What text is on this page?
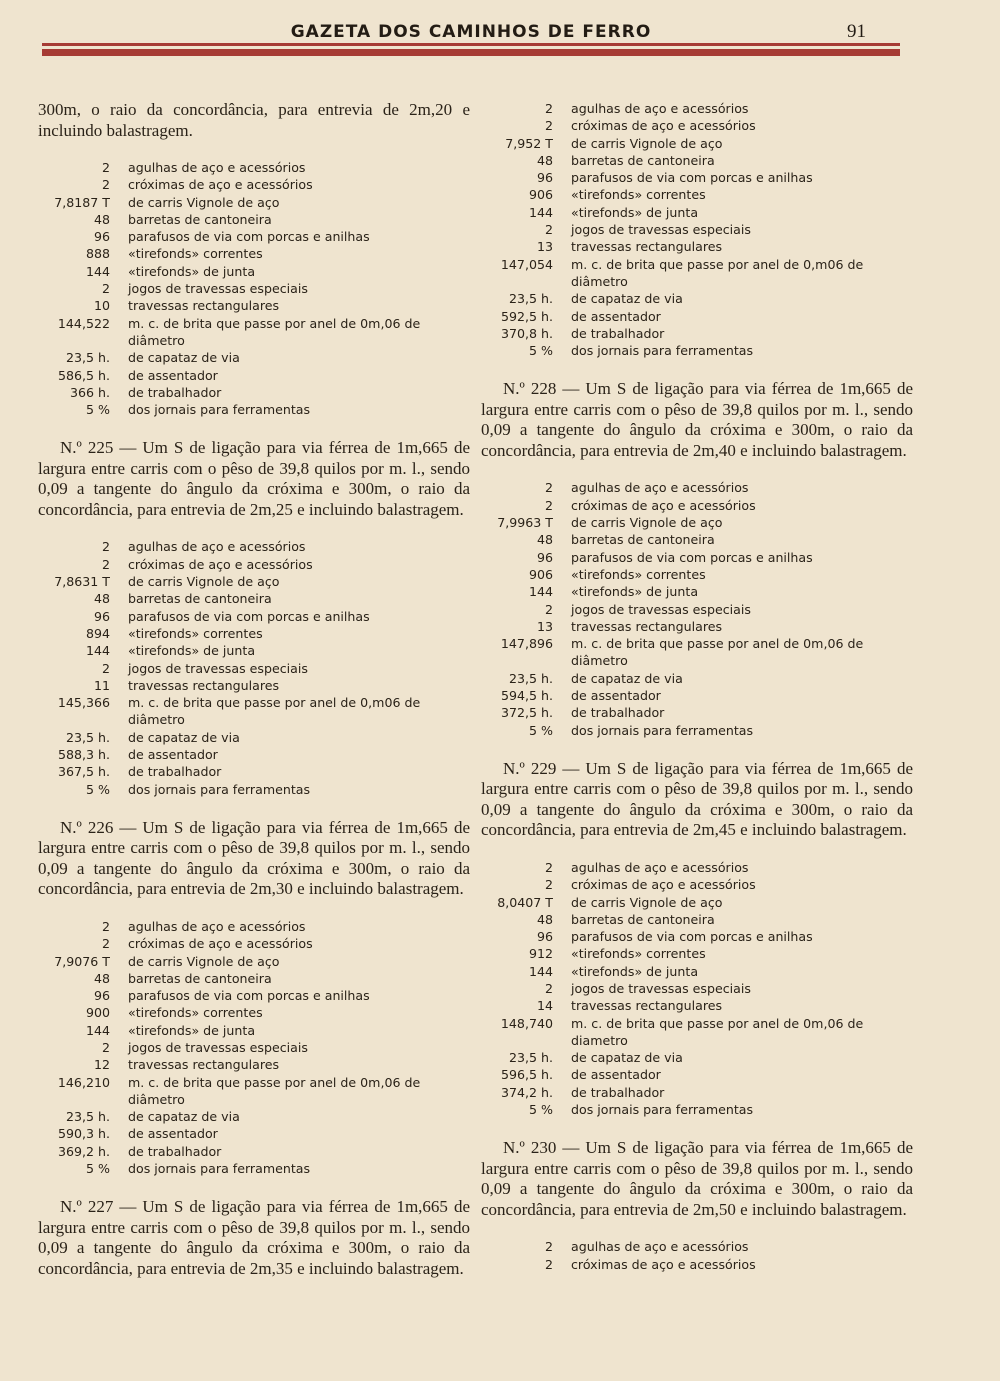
GAZETA DOS CAMINHOS DE FERRO	91

300m, o raio da concordância, para entrevia de 2m,20 e incluindo balastragem.

2	agulhas de aço e acessórios
2	cróximas de aço e acessórios
7,8187 T	de carris Vignole de aço
48	barretas de cantoneira
96	parafusos de via com porcas e anilhas
888	«tirefonds» correntes
144	«tirefonds» de junta
2	jogos de travessas especiais
10	travessas rectangulares
144,522	m. c. de brita que passe por anel de 0m,06 de diâmetro
23,5 h.	de capataz de via
586,5 h.	de assentador
366 h.	de trabalhador
5 %	dos jornais para ferramentas

N.º 225 — Um S de ligação para via férrea de 1m,665 de largura entre carris com o pêso de 39,8 quilos por m. l., sendo 0,09 a tangente do ângulo da cróxima e 300m, o raio da concordância, para entrevia de 2m,25 e incluindo balastragem.

2	agulhas de aço e acessórios
2	cróximas de aço e acessórios
7,8631 T	de carris Vignole de aço
48	barretas de cantoneira
96	parafusos de via com porcas e anilhas
894	«tirefonds» correntes
144	«tirefonds» de junta
2	jogos de travessas especiais
11	travessas rectangulares
145,366	m. c. de brita que passe por anel de 0,m06 de diâmetro
23,5 h.	de capataz de via
588,3 h.	de assentador
367,5 h.	de trabalhador
5 %	dos jornais para ferramentas

N.º 226 — Um S de ligação para via férrea de 1m,665 de largura entre carris com o pêso de 39,8 quilos por m. l., sendo 0,09 a tangente do ângulo da cróxima e 300m, o raio da concordância, para entrevia de 2m,30 e incluindo balastragem.

2	agulhas de aço e acessórios
2	cróximas de aço e acessórios
7,9076 T	de carris Vignole de aço
48	barretas de cantoneira
96	parafusos de via com porcas e anilhas
900	«tirefonds» correntes
144	«tirefonds» de junta
2	jogos de travessas especiais
12	travessas rectangulares
146,210	m. c. de brita que passe por anel de 0m,06 de diâmetro
23,5 h.	de capataz de via
590,3 h.	de assentador
369,2 h.	de trabalhador
5 %	dos jornais para ferramentas

N.º 227 — Um S de ligação para via férrea de 1m,665 de largura entre carris com o pêso de 39,8 quilos por m. l., sendo 0,09 a tangente do ângulo da cróxima e 300m, o raio da concordância, para entrevia de 2m,35 e incluindo balastragem.

2	agulhas de aço e acessórios
2	cróximas de aço e acessórios
7,952 T	de carris Vignole de aço
48	barretas de cantoneira
96	parafusos de via com porcas e anilhas
906	«tirefonds» correntes
144	«tirefonds» de junta
2	jogos de travessas especiais
13	travessas rectangulares
147,054	m. c. de brita que passe por anel de 0,m06 de diâmetro
23,5 h.	de capataz de via
592,5 h.	de assentador
370,8 h.	de trabalhador
5 %	dos jornais para ferramentas

N.º 228 — Um S de ligação para via férrea de 1m,665 de largura entre carris com o pêso de 39,8 quilos por m. l., sendo 0,09 a tangente do ângulo da cróxima e 300m, o raio da concordância, para entrevia de 2m,40 e incluindo balastragem.

2	agulhas de aço e acessórios
2	cróximas de aço e acessórios
7,9963 T	de carris Vignole de aço
48	barretas de cantoneira
96	parafusos de via com porcas e anilhas
906	«tirefonds» correntes
144	«tirefonds» de junta
2	jogos de travessas especiais
13	travessas rectangulares
147,896	m. c. de brita que passe por anel de 0m,06 de diâmetro
23,5 h.	de capataz de via
594,5 h.	de assentador
372,5 h.	de trabalhador
5 %	dos jornais para ferramentas

N.º 229 — Um S de ligação para via férrea de 1m,665 de largura entre carris com o pêso de 39,8 quilos por m. l., sendo 0,09 a tangente do ângulo da cróxima e 300m, o raio da concordância, para entrevia de 2m,45 e incluindo balastragem.

2	agulhas de aço e acessórios
2	cróximas de aço e acessórios
8,0407 T	de carris Vignole de aço
48	barretas de cantoneira
96	parafusos de via com porcas e anilhas
912	«tirefonds» correntes
144	«tirefonds» de junta
2	jogos de travessas especiais
14	travessas rectangulares
148,740	m. c. de brita que passe por anel de 0m,06 de diametro
23,5 h.	de capataz de via
596,5 h.	de assentador
374,2 h.	de trabalhador
5 %	dos jornais para ferramentas

N.º 230 — Um S de ligação para via férrea de 1m,665 de largura entre carris com o pêso de 39,8 quilos por m. l., sendo 0,09 a tangente do ângulo da cróxima e 300m, o raio da concordância, para entrevia de 2m,50 e incluindo balastragem.

2	agulhas de aço e acessórios
2	cróximas de aço e acessórios
